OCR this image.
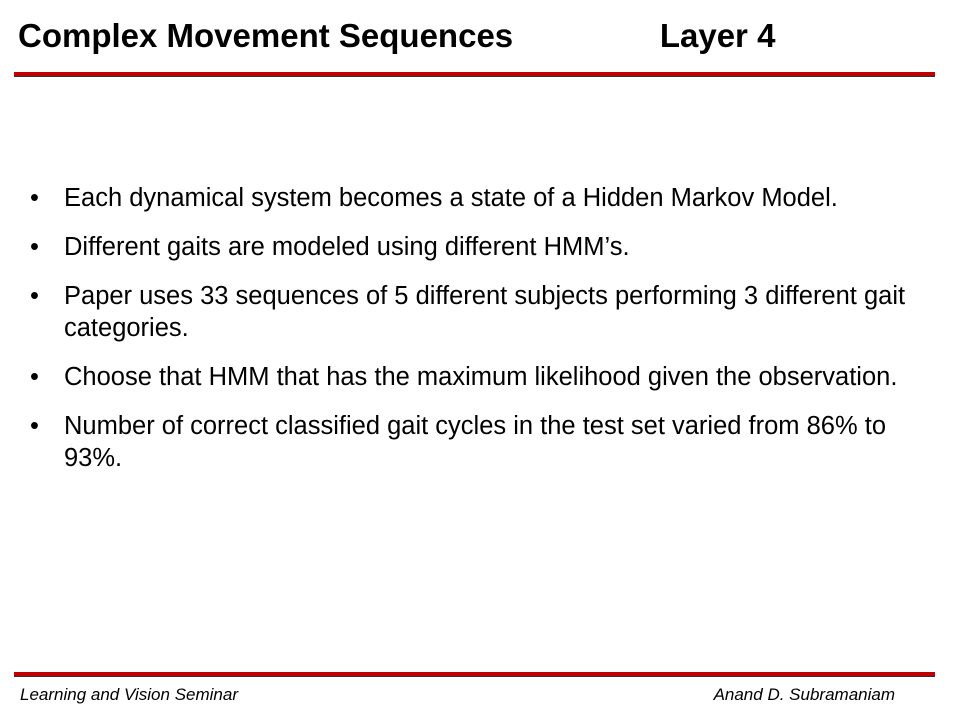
Complex Movement Sequences                Layer 4
• Each dynamical system becomes a state of a Hidden Markov Model.
• Different gaits are modeled using different HMM’s.
• Paper uses 33 sequences of 5 different subjects performing 3 different gait categories.
• Choose that HMM that has the maximum likelihood given the observation.
• Number of correct classified gait cycles in the test set varied from 86% to 93%.
Learning and Vision Seminar	Anand D. Subramaniam
